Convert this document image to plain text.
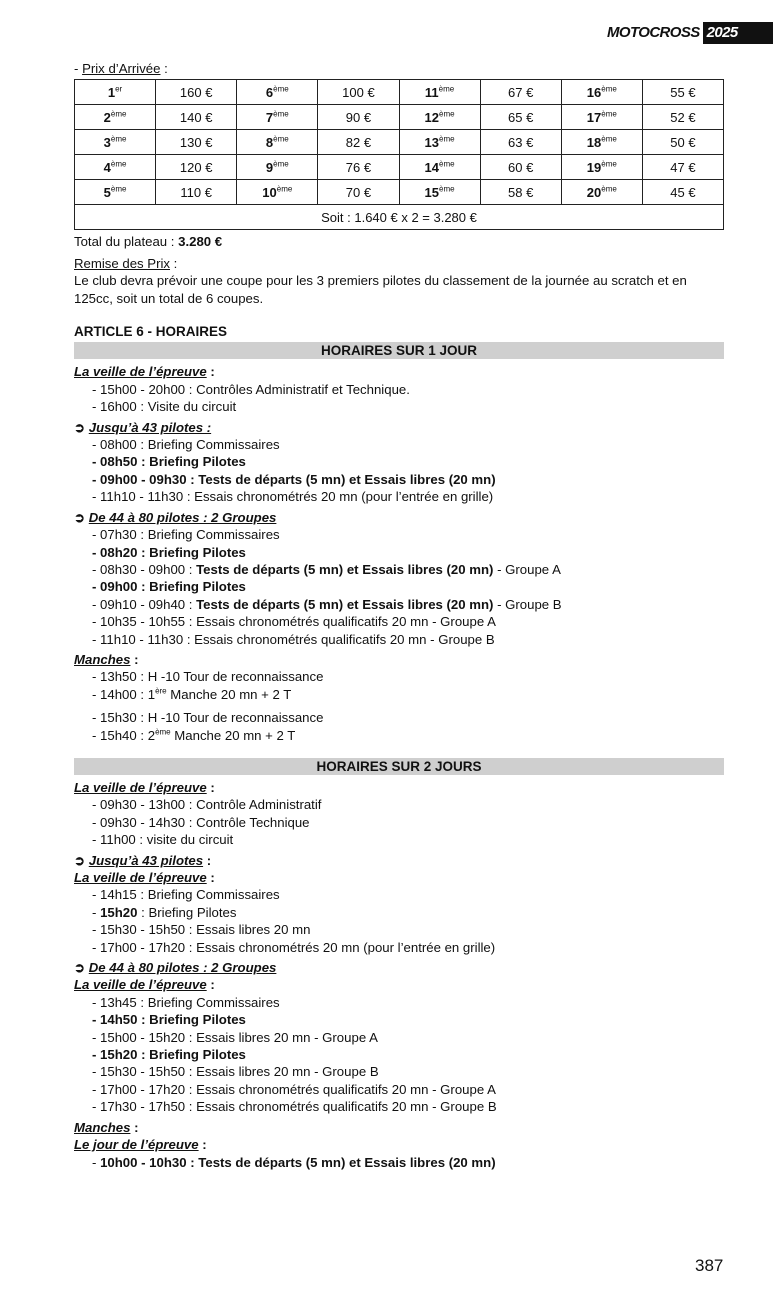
MOTOCROSS 2025
- Prix d’Arrivée :
1er	160 €	6ème	100 €	11ème	67 €	16ème	55 €
2ème	140 €	7ème	90 €	12ème	65 €	17ème	52 €
3ème	130 €	8ème	82 €	13ème	63 €	18ème	50 €
4ème	120 €	9ème	76 €	14ème	60 €	19ème	47 €
5ème	110 €	10ème	70 €	15ème	58 €	20ème	45 €
Soit : 1.640 € x 2 = 3.280 €							
Total du plateau : 3.280 €
Remise des Prix :
Le club devra prévoir une coupe pour les 3 premiers pilotes du classement de la journée au scratch et en 125cc, soit un total de 6 coupes.
ARTICLE 6 - HORAIRES
HORAIRES SUR 1 JOUR
La veille de l’épreuve :
- 15h00 - 20h00 : Contrôles Administratif et Technique.
- 16h00 : Visite du circuit
➲ Jusqu’à 43 pilotes :
- 08h00 : Briefing Commissaires
- 08h50 : Briefing Pilotes
- 09h00 - 09h30 : Tests de départs (5 mn) et Essais libres (20 mn)
- 11h10 - 11h30 : Essais chronométrés 20 mn (pour l’entrée en grille)
➲ De 44 à 80 pilotes : 2 Groupes
- 07h30 : Briefing Commissaires
- 08h20 : Briefing Pilotes
- 08h30 - 09h00 : Tests de départs (5 mn) et Essais libres (20 mn) - Groupe A
- 09h00 : Briefing Pilotes
- 09h10 - 09h40 : Tests de départs (5 mn) et Essais libres (20 mn) - Groupe B
- 10h35 - 10h55 : Essais chronométrés qualificatifs 20 mn - Groupe A
- 11h10 - 11h30 : Essais chronométrés qualificatifs 20 mn - Groupe B
Manches :
- 13h50 : H -10 Tour de reconnaissance
- 14h00 : 1ère Manche 20 mn + 2 T
- 15h30 : H -10 Tour de reconnaissance
- 15h40 : 2ème Manche 20 mn + 2 T
HORAIRES SUR 2 JOURS
La veille de l’épreuve :
- 09h30 - 13h00 : Contrôle Administratif
- 09h30 - 14h30 : Contrôle Technique
- 11h00 : visite du circuit
➲ Jusqu’à 43 pilotes :
La veille de l’épreuve :
- 14h15 : Briefing Commissaires
- 15h20 : Briefing Pilotes
- 15h30 - 15h50 : Essais libres 20 mn
- 17h00 - 17h20 : Essais chronométrés 20 mn (pour l’entrée en grille)
➲ De 44 à 80 pilotes : 2 Groupes
La veille de l’épreuve :
- 13h45 : Briefing Commissaires
- 14h50 : Briefing Pilotes
- 15h00 - 15h20 : Essais libres 20 mn - Groupe A
- 15h20 : Briefing Pilotes
- 15h30 - 15h50 : Essais libres 20 mn - Groupe B
- 17h00 - 17h20 : Essais chronométrés qualificatifs 20 mn - Groupe A
- 17h30 - 17h50 : Essais chronométrés qualificatifs 20 mn - Groupe B
Manches :
Le jour de l’épreuve :
- 10h00 - 10h30 : Tests de départs (5 mn) et Essais libres (20 mn)
387
